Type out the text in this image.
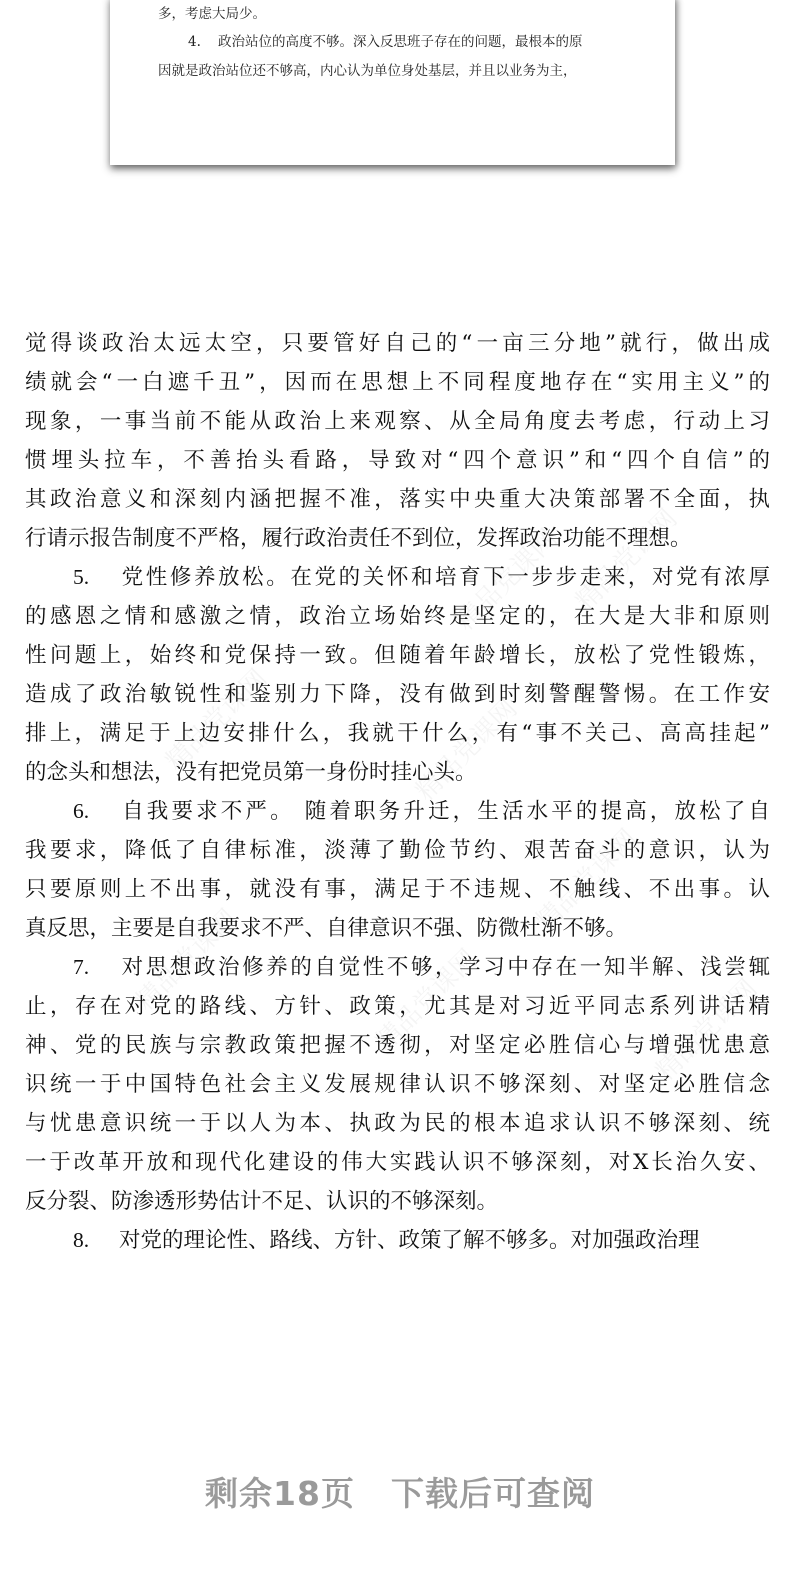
多，考虑大局少。
4. 政治站位的高度不够。深入反思班子存在的问题，最根本的原
因就是政治站位还不够高，内心认为单位身处基层，并且以业务为主，
觉得谈政治太远太空，只要管好自己的“一亩三分地”就行，做出成
绩就会“一白遮千丑”，因而在思想上不同程度地存在“实用主义”的
现象，一事当前不能从政治上来观察、从全局角度去考虑，行动上习
惯埋头拉车，不善抬头看路，导致对“四个意识”和“四个自信”的
其政治意义和深刻内涵把握不准，落实中央重大决策部署不全面，执
行请示报告制度不严格，履行政治责任不到位，发挥政治功能不理想。
5. 党性修养放松。在党的关怀和培育下一步步走来，对党有浓厚
的感恩之情和感激之情，政治立场始终是坚定的，在大是大非和原则
性问题上，始终和党保持一致。但随着年龄增长，放松了党性锻炼，
造成了政治敏锐性和鉴别力下降，没有做到时刻警醒警惕。在工作安
排上，满足于上边安排什么，我就干什么，有“事不关己、高高挂起”
的念头和想法，没有把党员第一身份时挂心头。
6. 自我要求不严。 随着职务升迁，生活水平的提高，放松了自
我要求，降低了自律标准，淡薄了勤俭节约、艰苦奋斗的意识，认为
只要原则上不出事，就没有事，满足于不违规、不触线、不出事。认
真反思，主要是自我要求不严、自律意识不强、防微杜渐不够。
7. 对思想政治修养的自觉性不够，学习中存在一知半解、浅尝辄
止，存在对党的路线、方针、政策，尤其是对习近平同志系列讲话精
神、党的民族与宗教政策把握不透彻，对坚定必胜信心与增强忧患意
识统一于中国特色社会主义发展规律认识不够深刻、对坚定必胜信念
与忧患意识统一于以人为本、执政为民的根本追求认识不够深刻、统
一于改革开放和现代化建设的伟大实践认识不够深刻，对X长治久安、
反分裂、防渗透形势估计不足、认识的不够深刻。
8. 对党的理论性、路线、方针、政策了解不够多。对加强政治理
剩余18页 下载后可查阅
